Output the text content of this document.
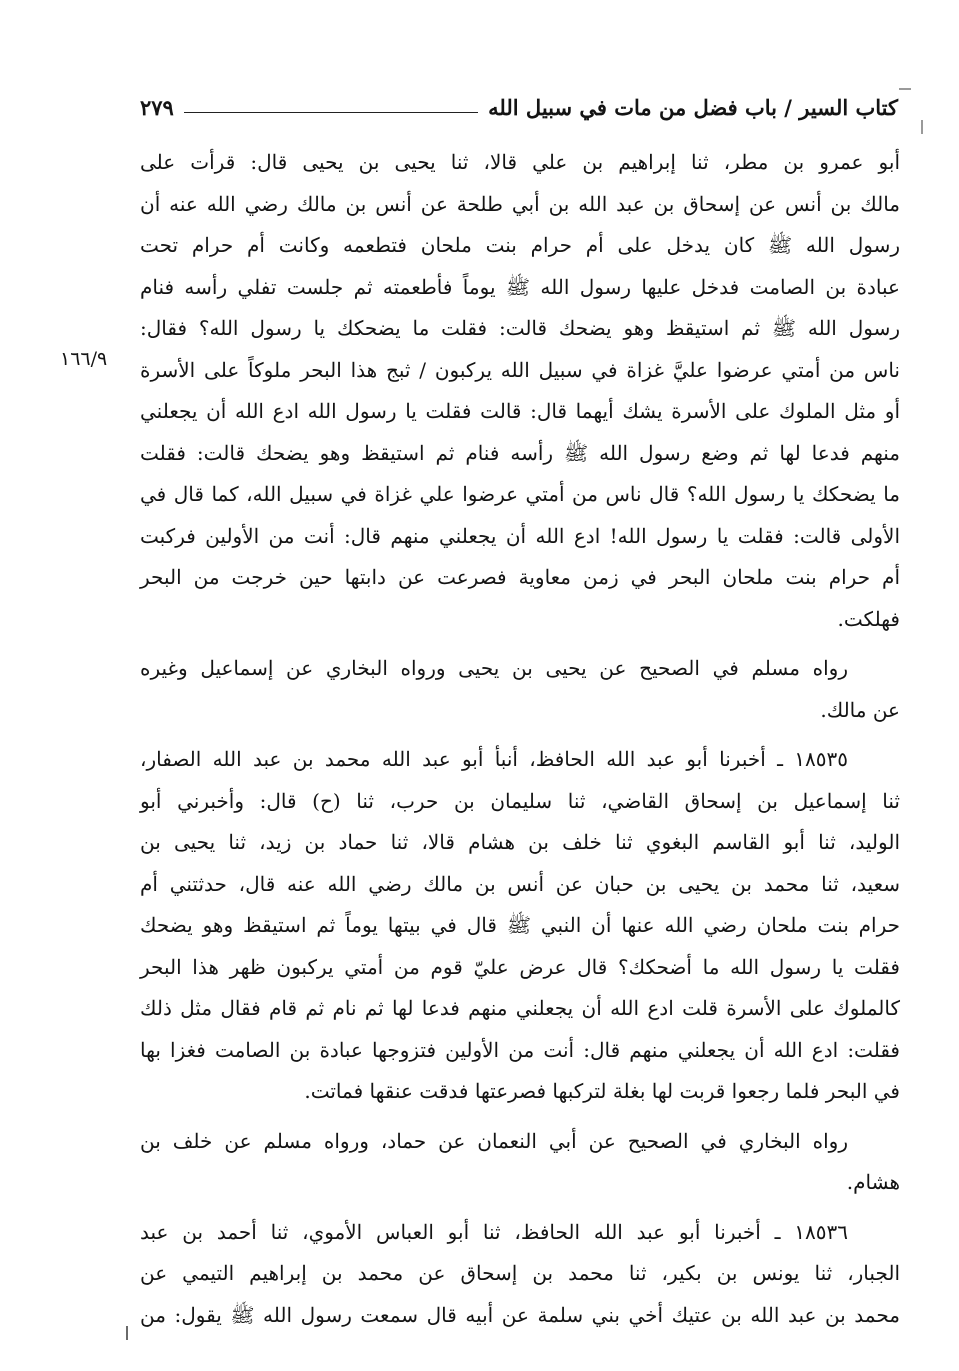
كتاب السير / باب فضل من مات في سبيل الله
٢٧٩
١٦٦/٩

أبو عمرو بن مطر، ثنا إبراهيم بن علي قالا، ثنا يحيى بن يحيى قال: قرأت على
مالك بن أنس عن إسحاق بن عبد الله بن أبي طلحة عن أنس بن مالك رضي الله عنه أن
رسول الله ﷺ كان يدخل على أم حرام بنت ملحان فتطعمه وكانت أم حرام تحت
عبادة بن الصامت فدخل عليها رسول الله ﷺ يوماً فأطعمته ثم جلست تفلي رأسه فنام
رسول الله ﷺ ثم استيقظ وهو يضحك قالت: فقلت ما يضحكك يا رسول الله؟ فقال:
ناس من أمتي عرضوا عليَّ غزاة في سبيل الله يركبون / ثبج هذا البحر ملوكاً على الأسرة
أو مثل الملوك على الأسرة يشك أيهما قال: قالت فقلت يا رسول الله ادع الله أن يجعلني
منهم فدعا لها ثم وضع رسول الله ﷺ رأسه فنام ثم استيقظ وهو يضحك قالت: فقلت
ما يضحكك يا رسول الله؟ قال ناس من أمتي عرضوا علي غزاة في سبيل الله، كما قال في
الأولى قالت: فقلت يا رسول الله! ادع الله أن يجعلني منهم قال: أنت من الأولين فركبت
أم حرام بنت ملحان البحر في زمن معاوية فصرعت عن دابتها حين خرجت من البحر
فهلكت.

رواه مسلم في الصحيح عن يحيى بن يحيى ورواه البخاري عن إسماعيل وغيره
عن مالك.

١٨٥٣٥ ـ أخبرنا أبو عبد الله الحافظ، أنبأ أبو عبد الله محمد بن عبد الله الصفار،
ثنا إسماعيل بن إسحاق القاضي، ثنا سليمان بن حرب، ثنا (ح) قال: وأخبرني أبو
الوليد، ثنا أبو القاسم البغوي ثنا خلف بن هشام قالا، ثنا حماد بن زيد، ثنا يحيى بن
سعيد، ثنا محمد بن يحيى بن حبان عن أنس بن مالك رضي الله عنه قال، حدثتني أم
حرام بنت ملحان رضي الله عنها أن النبي ﷺ قال في بيتها يوماً ثم استيقظ وهو يضحك
فقلت يا رسول الله ما أضحكك؟ قال عرض عليّ قوم من أمتي يركبون ظهر هذا البحر
كالملوك على الأسرة قلت ادع الله أن يجعلني منهم فدعا لها ثم نام ثم قام فقال مثل ذلك
فقلت: ادع الله أن يجعلني منهم قال: أنت من الأولين فتزوجها عبادة بن الصامت فغزا بها
في البحر فلما رجعوا قربت لها بغلة لتركبها فصرعتها فدقت عنقها فماتت.

رواه البخاري في الصحيح عن أبي النعمان عن حماد، ورواه مسلم عن خلف بن
هشام.

١٨٥٣٦ ـ أخبرنا أبو عبد الله الحافظ، ثنا أبو العباس الأموي، ثنا أحمد بن عبد
الجبار، ثنا يونس بن بكير، ثنا محمد بن إسحاق عن محمد بن إبراهيم التيمي عن
محمد بن عبد الله بن عتيك أخي بني سلمة عن أبيه قال سمعت رسول الله ﷺ يقول: من
